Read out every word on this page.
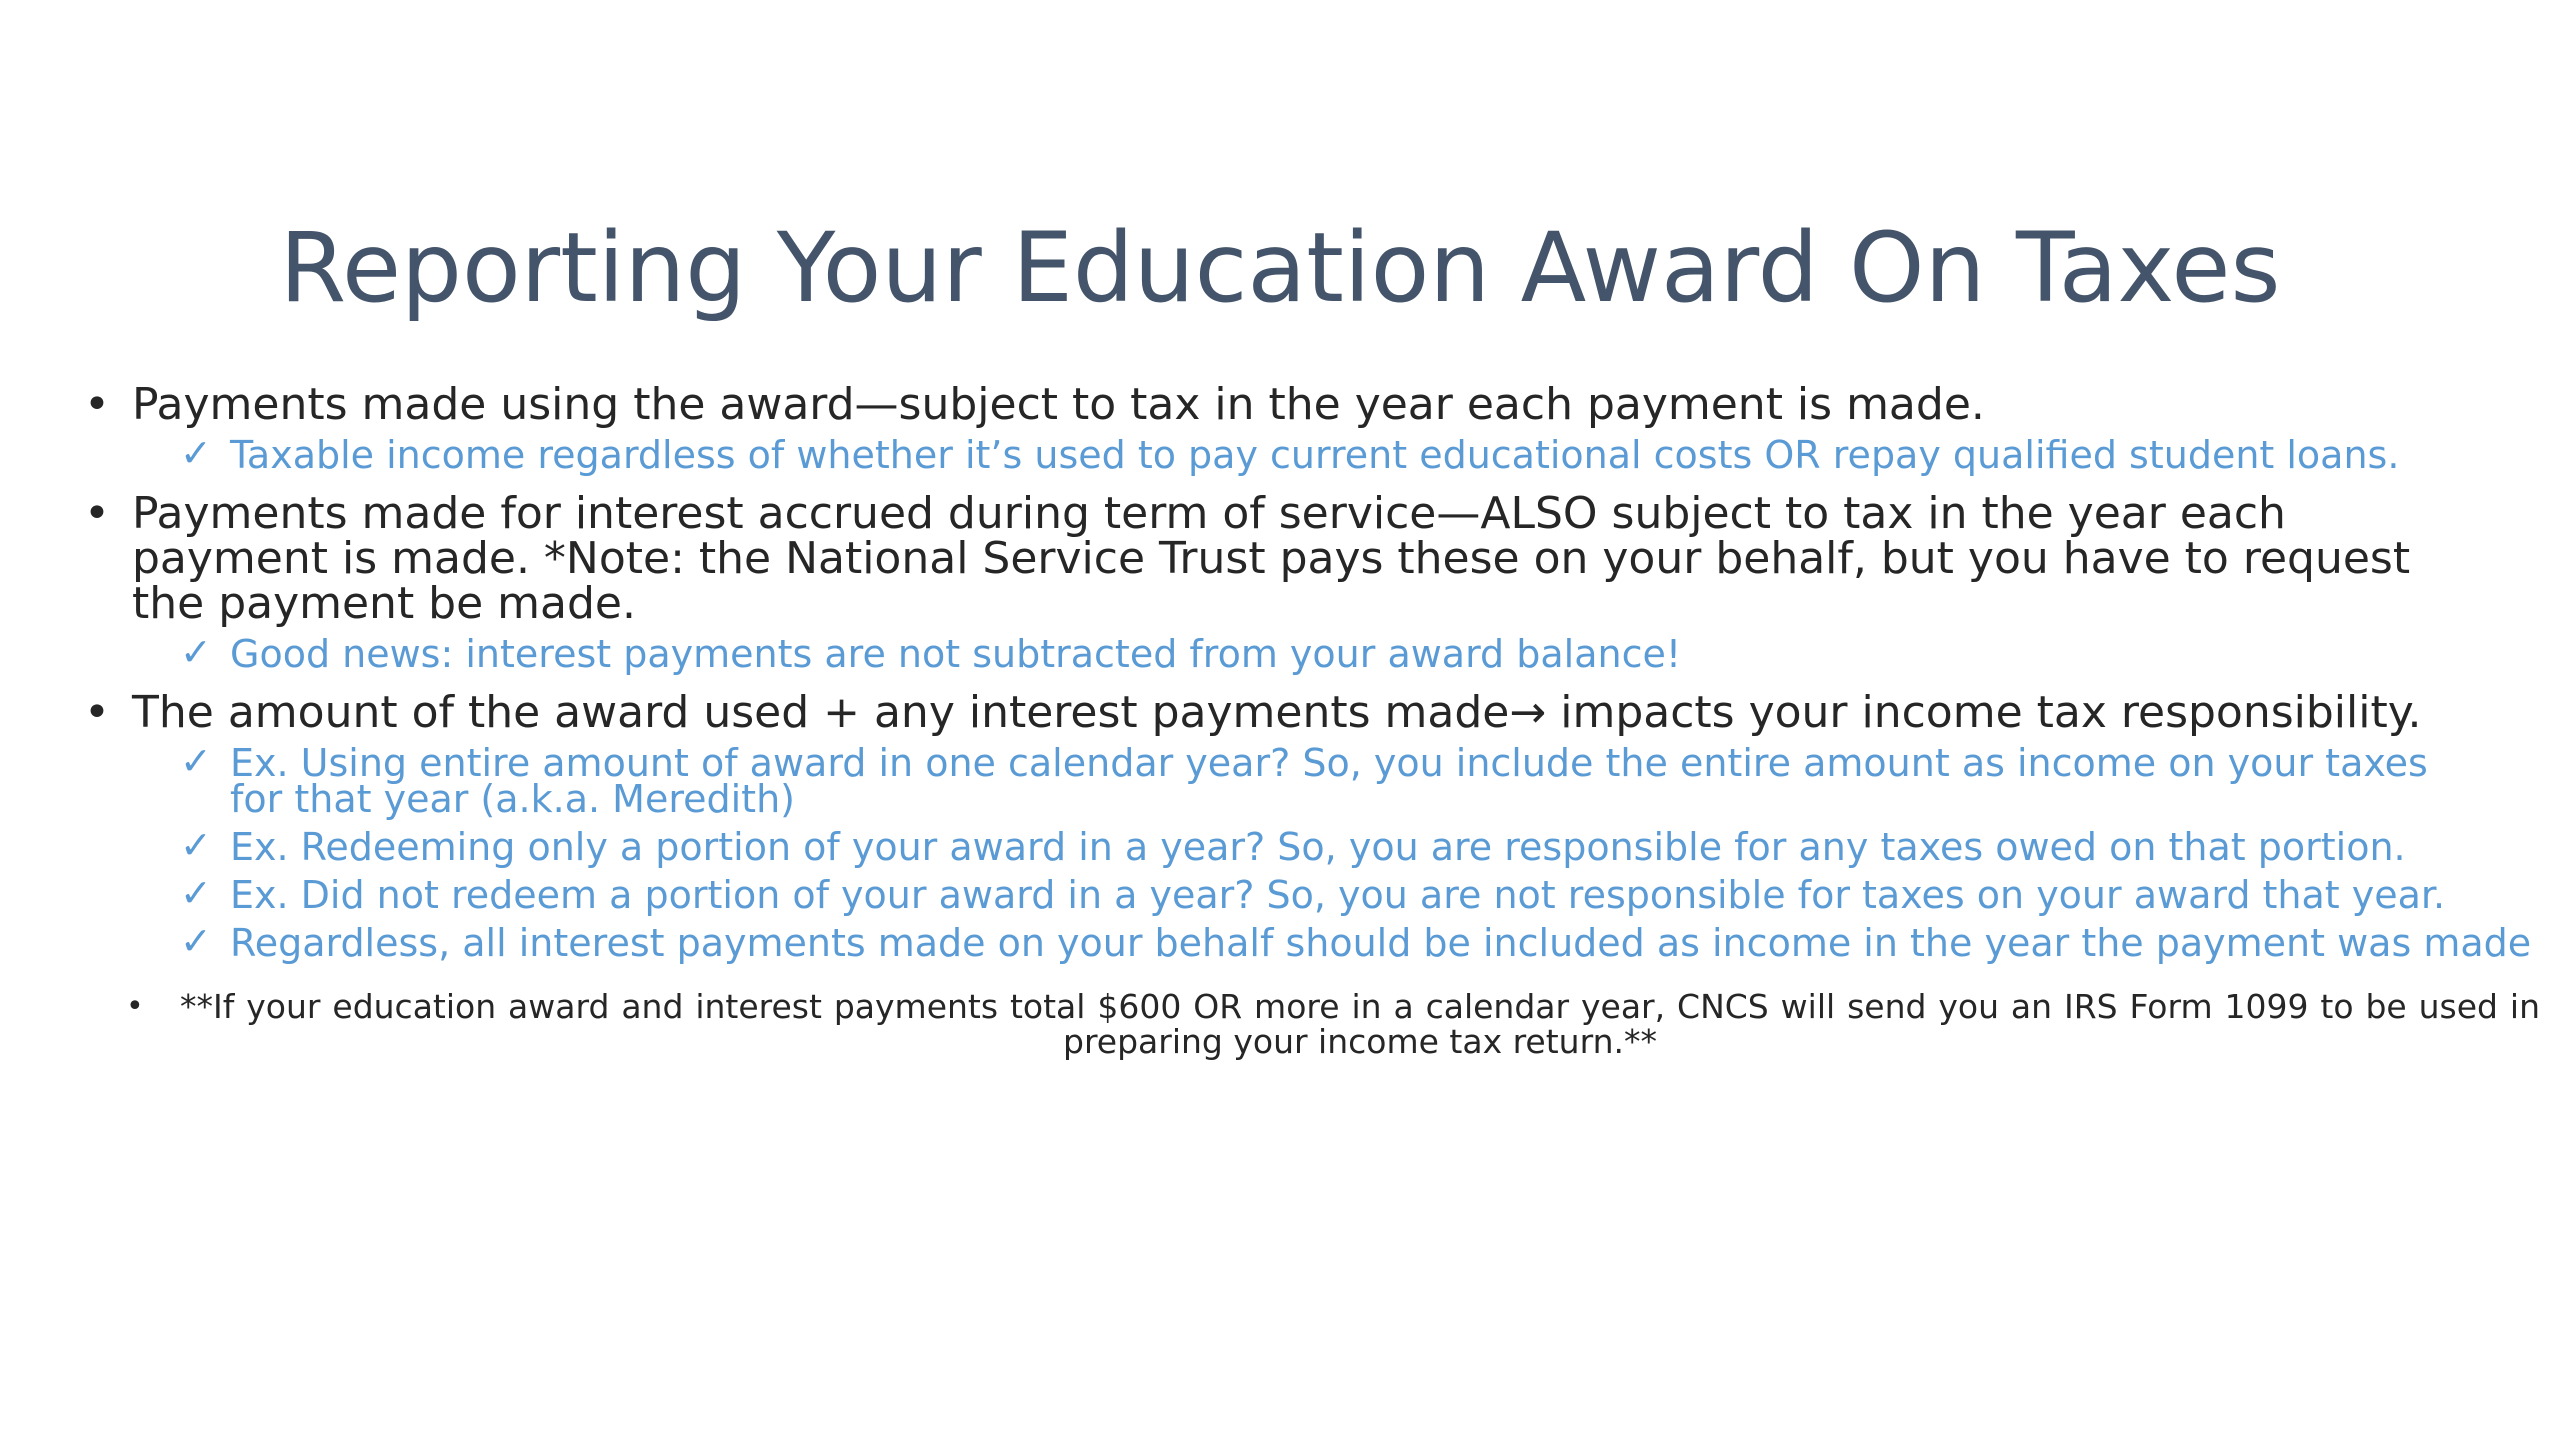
Reporting Your Education Award On Taxes
• Payments made using the award—subject to tax in the year each payment is made.
✓ Taxable income regardless of whether it’s used to pay current educational costs OR repay qualified student loans.
• Payments made for interest accrued during term of service—ALSO subject to tax in the year each payment is made. *Note: the National Service Trust pays these on your behalf, but you have to request the payment be made.
✓ Good news: interest payments are not subtracted from your award balance!
• The amount of the award used + any interest payments made→ impacts your income tax responsibility.
✓ Ex. Using entire amount of award in one calendar year? So, you include the entire amount as income on your taxes for that year (a.k.a. Meredith)
✓ Ex. Redeeming only a portion of your award in a year? So, you are responsible for any taxes owed on that portion.
✓ Ex. Did not redeem a portion of your award in a year? So, you are not responsible for taxes on your award that year.
✓ Regardless, all interest payments made on your behalf should be included as income in the year the payment was made
• **If your education award and interest payments total $600 OR more in a calendar year, CNCS will send you an IRS Form 1099 to be used in preparing your income tax return.**
